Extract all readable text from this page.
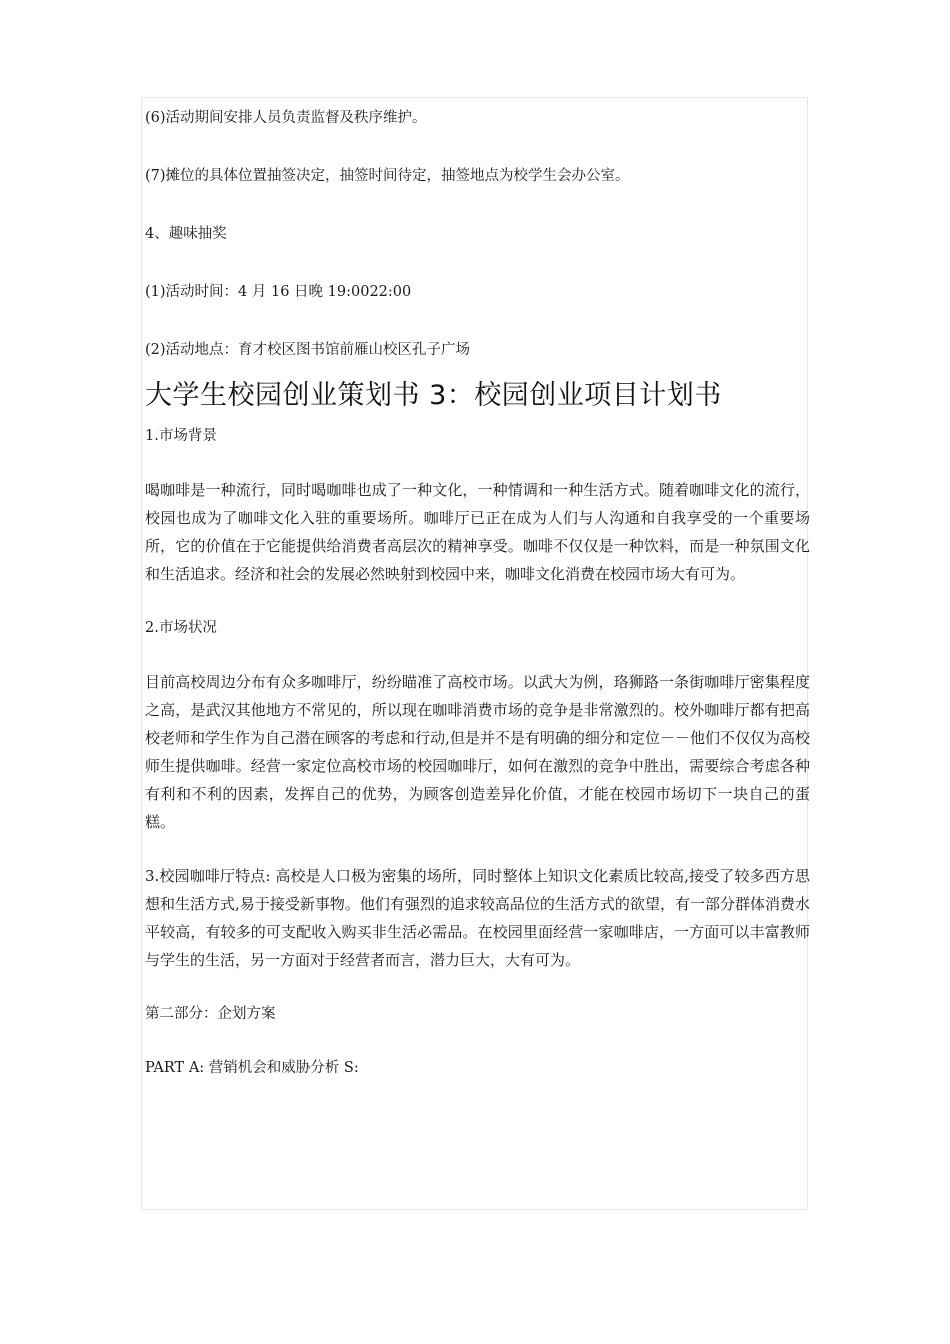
(6)活动期间安排人员负责监督及秩序维护。

(7)摊位的具体位置抽签决定，抽签时间待定，抽签地点为校学生会办公室。

4、趣味抽奖

(1)活动时间：4 月 16 日晚 19:0022:00

(2)活动地点：育才校区图书馆前雁山校区孔子广场

大学生校园创业策划书 3：校园创业项目计划书

1.市场背景

喝咖啡是一种流行，同时喝咖啡也成了一种文化，一种情调和一种生活方式。随着咖啡文化的流行，校园也成为了咖啡文化入驻的重要场所。咖啡厅已正在成为人们与人沟通和自我享受的一个重要场所，它的价值在于它能提供给消费者高层次的精神享受。咖啡不仅仅是一种饮料，而是一种氛围文化和生活追求。经济和社会的发展必然映射到校园中来，咖啡文化消费在校园市场大有可为。

2.市场状况

目前高校周边分布有众多咖啡厅，纷纷瞄准了高校市场。以武大为例，珞狮路一条街咖啡厅密集程度之高，是武汉其他地方不常见的，所以现在咖啡消费市场的竞争是非常激烈的。校外咖啡厅都有把高校老师和学生作为自己潜在顾客的考虑和行动,但是并不是有明确的细分和定位－－他们不仅仅为高校师生提供咖啡。经营一家定位高校市场的校园咖啡厅，如何在激烈的竞争中胜出，需要综合考虑各种有利和不利的因素，发挥自己的优势，为顾客创造差异化价值，才能在校园市场切下一块自己的蛋糕。

3.校园咖啡厅特点: 高校是人口极为密集的场所，同时整体上知识文化素质比较高,接受了较多西方思想和生活方式,易于接受新事物。他们有强烈的追求较高品位的生活方式的欲望，有一部分群体消费水平较高，有较多的可支配收入购买非生活必需品。在校园里面经营一家咖啡店，一方面可以丰富教师与学生的生活，另一方面对于经营者而言，潜力巨大，大有可为。

第二部分：企划方案

PART A: 营销机会和威胁分析 S:
